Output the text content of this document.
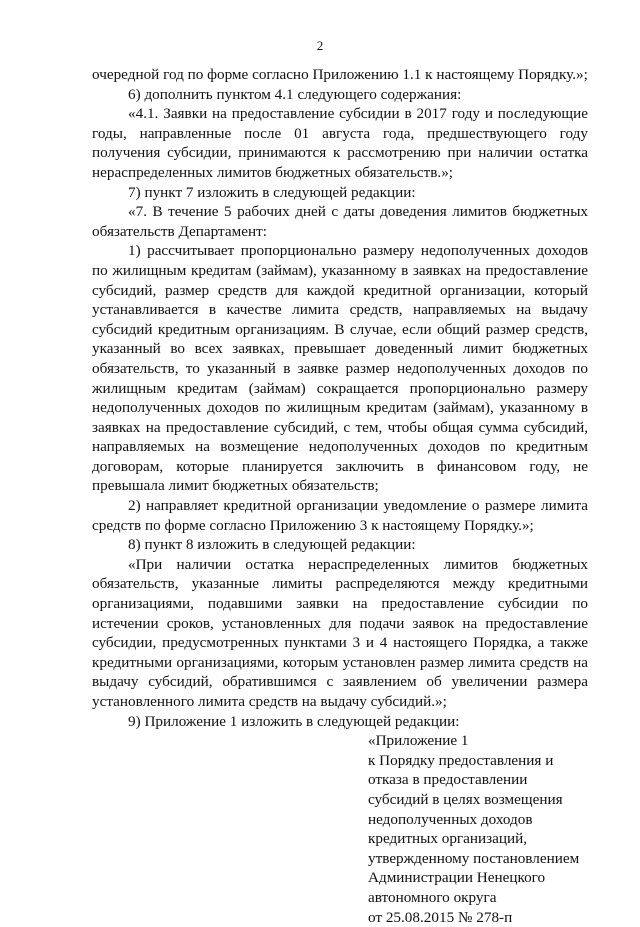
2

очередной год по форме согласно Приложению 1.1 к настоящему Порядку.»;

6) дополнить пунктом 4.1 следующего содержания:

«4.1. Заявки на предоставление субсидии в 2017 году и последующие годы, направленные после 01 августа года, предшествующего году получения субсидии, принимаются к рассмотрению при наличии остатка нераспределенных лимитов бюджетных обязательств.»;

7) пункт 7 изложить в следующей редакции:

«7. В течение 5 рабочих дней с даты доведения лимитов бюджетных обязательств Департамент:

1) рассчитывает пропорционально размеру недополученных доходов по жилищным кредитам (займам), указанному в заявках на предоставление субсидий, размер средств для каждой кредитной организации, который устанавливается в качестве лимита средств, направляемых на выдачу субсидий кредитным организациям. В случае, если общий размер средств, указанный во всех заявках, превышает доведенный лимит бюджетных обязательств, то указанный в заявке размер недополученных доходов по жилищным кредитам (займам) сокращается пропорционально размеру недополученных доходов по жилищным кредитам (займам), указанному в заявках на предоставление субсидий, с тем, чтобы общая сумма субсидий, направляемых на возмещение недополученных доходов по кредитным договорам, которые планируется заключить в финансовом году, не превышала лимит бюджетных обязательств;

2) направляет кредитной организации уведомление о размере лимита средств по форме согласно Приложению 3 к настоящему Порядку.»;

8) пункт 8 изложить в следующей редакции:

«При наличии остатка нераспределенных лимитов бюджетных обязательств, указанные лимиты распределяются между кредитными организациями, подавшими заявки на предоставление субсидии по истечении сроков, установленных для подачи заявок на предоставление субсидии, предусмотренных пунктами 3 и 4 настоящего Порядка, а также кредитными организациями, которым установлен размер лимита средств на выдачу субсидий, обратившимся с заявлением об увеличении размера установленного лимита средств на выдачу субсидий.»;

9) Приложение 1 изложить в следующей редакции:

«Приложение 1
к Порядку предоставления и
отказа в предоставлении
субсидий в целях возмещения
недополученных доходов
кредитных организаций,
утвержденному постановлением
Администрации Ненецкого
автономного округа
от 25.08.2015 № 278-п
